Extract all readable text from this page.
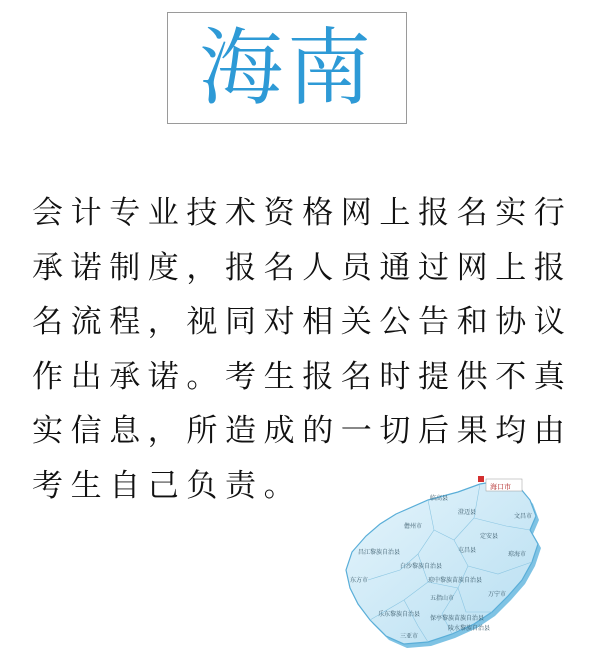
海南
会计专业技术资格网上报名实行
承诺制度，报名人员通过网上报
名流程，视同对相关公告和协议
作出承诺。考生报名时提供不真
实信息，所造成的一切后果均由
考生自己负责。	临高县
海口市
文昌市
澄迈县
定安县
儋州市
屯昌县
琼海市
昌江黎族自治县
白沙黎族自治县
琼中黎族苗族自治县
东方市
五指山市
万宁市
乐东黎族自治县
保亭黎族苗族自治县
陵水黎族自治县
三亚市
